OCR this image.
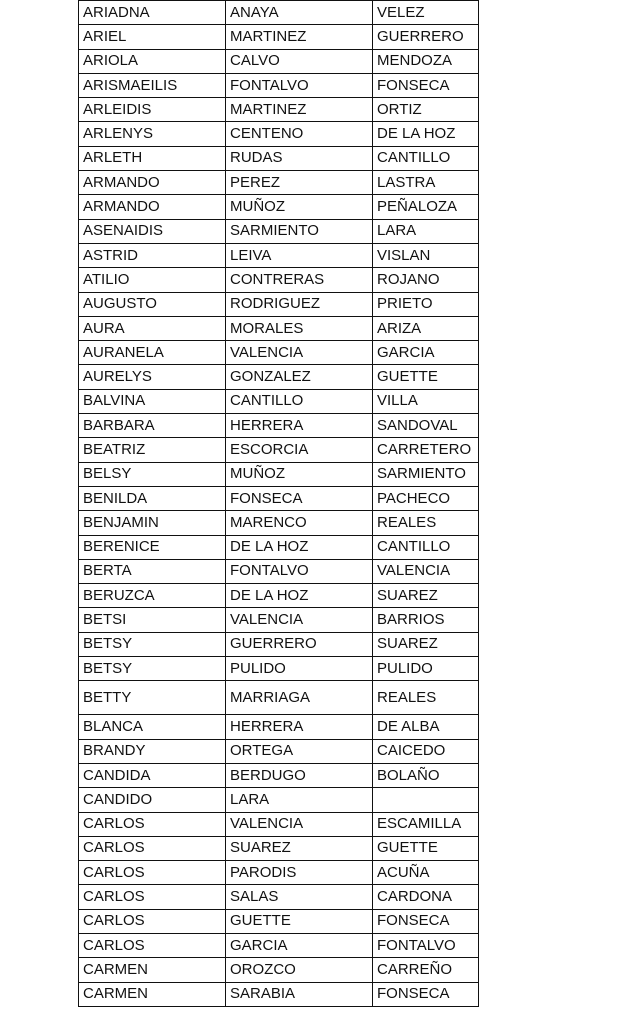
ARIADNA	ANAYA	VELEZ
ARIEL	MARTINEZ	GUERRERO
ARIOLA	CALVO	MENDOZA
ARISMAEILIS	FONTALVO	FONSECA
ARLEIDIS	MARTINEZ	ORTIZ
ARLENYS	CENTENO	DE LA HOZ
ARLETH	RUDAS	CANTILLO
ARMANDO	PEREZ	LASTRA
ARMANDO	MUÑOZ	PEÑALOZA
ASENAIDIS	SARMIENTO	LARA
ASTRID	LEIVA	VISLAN
ATILIO	CONTRERAS	ROJANO
AUGUSTO	RODRIGUEZ	PRIETO
AURA	MORALES	ARIZA
AURANELA	VALENCIA	GARCIA
AURELYS	GONZALEZ	GUETTE
BALVINA	CANTILLO	VILLA
BARBARA	HERRERA	SANDOVAL
BEATRIZ	ESCORCIA	CARRETERO
BELSY	MUÑOZ	SARMIENTO
BENILDA	FONSECA	PACHECO
BENJAMIN	MARENCO	REALES
BERENICE	DE LA HOZ	CANTILLO
BERTA	FONTALVO	VALENCIA
BERUZCA	DE LA HOZ	SUAREZ
BETSI	VALENCIA	BARRIOS
BETSY	GUERRERO	SUAREZ
BETSY	PULIDO	PULIDO
BETTY	MARRIAGA	REALES
BLANCA	HERRERA	DE ALBA
BRANDY	ORTEGA	CAICEDO
CANDIDA	BERDUGO	BOLAÑO
CANDIDO	LARA	
CARLOS	VALENCIA	ESCAMILLA
CARLOS	SUAREZ	GUETTE
CARLOS	PARODIS	ACUÑA
CARLOS	SALAS	CARDONA
CARLOS	GUETTE	FONSECA
CARLOS	GARCIA	FONTALVO
CARMEN	OROZCO	CARREÑO
CARMEN	SARABIA	FONSECA
